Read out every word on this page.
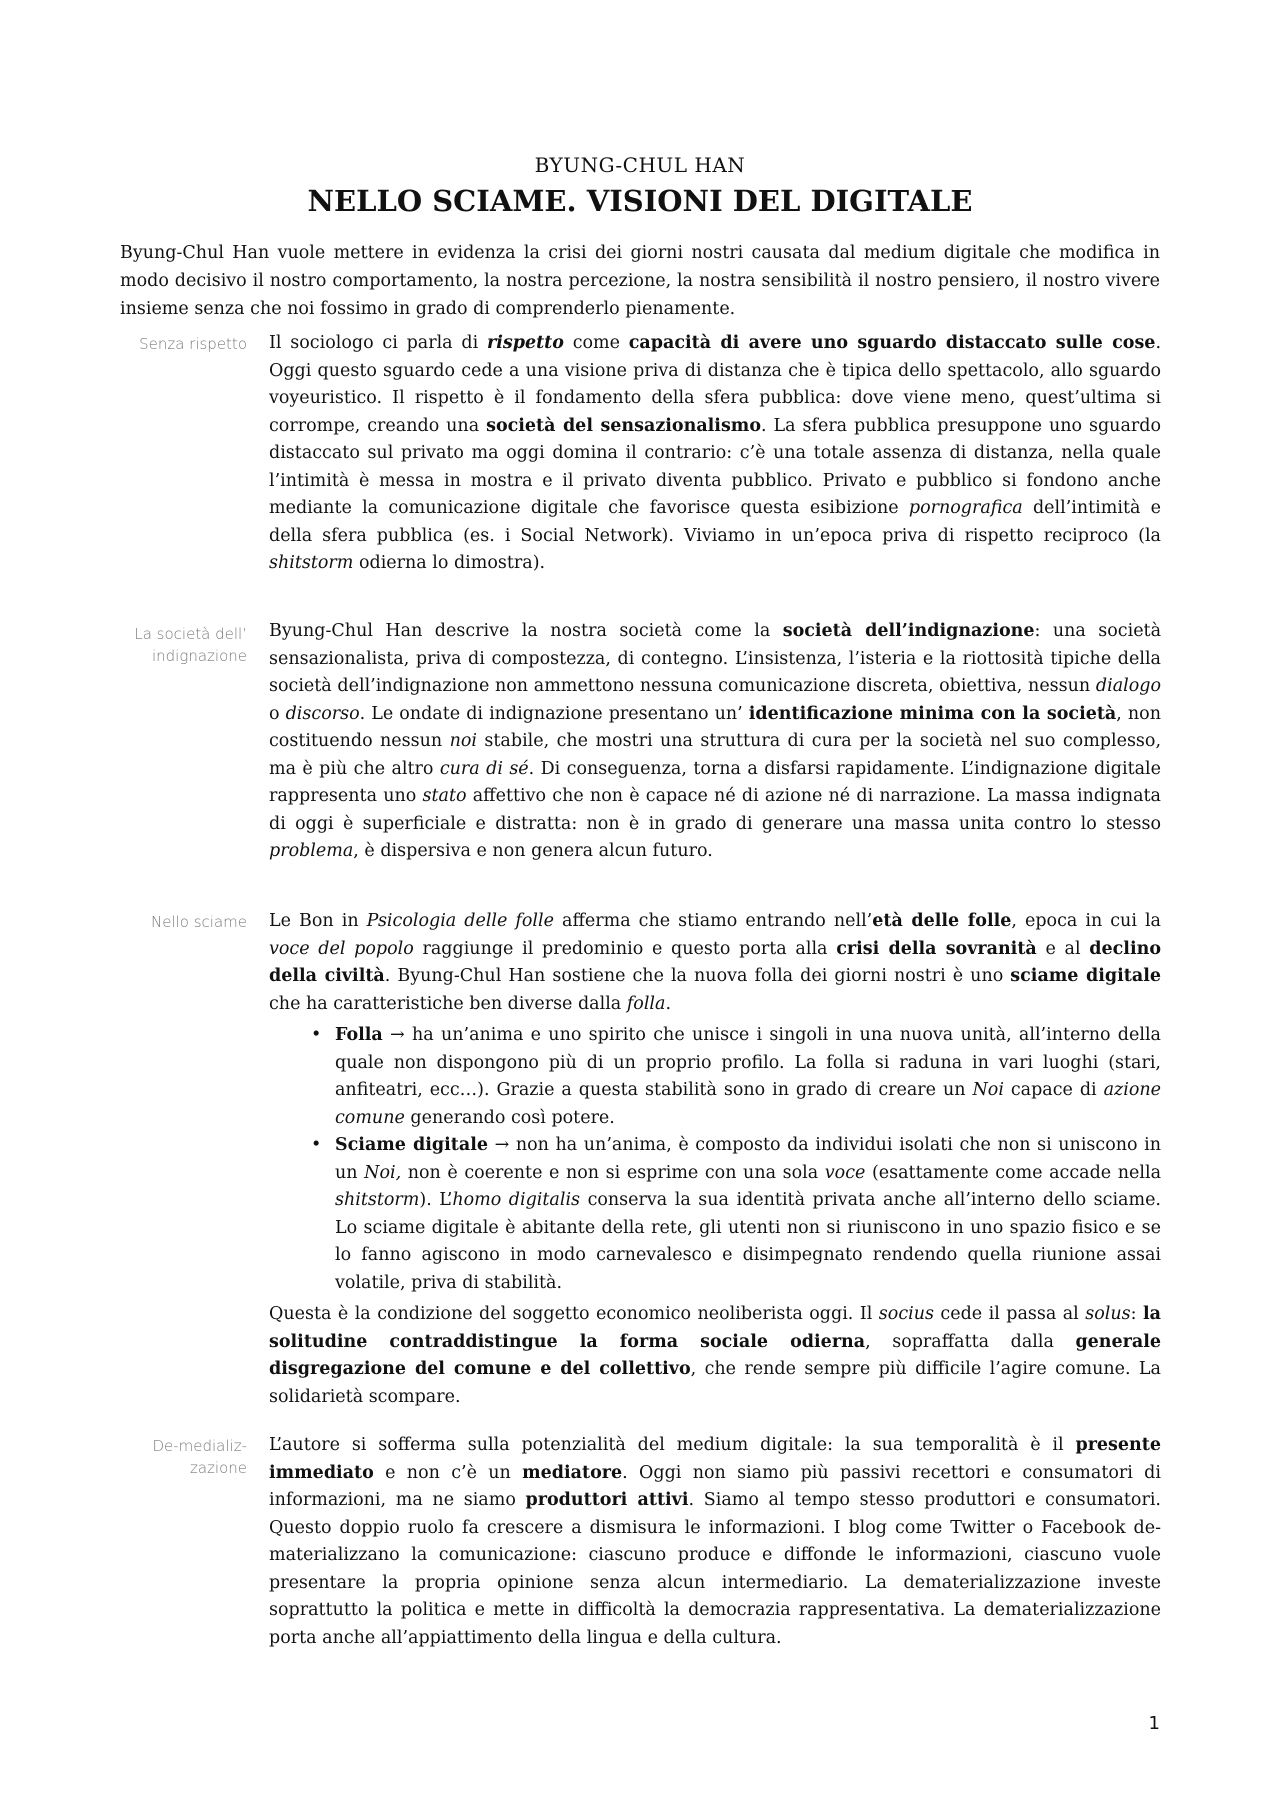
BYUNG-CHUL HAN
NELLO SCIAME. VISIONI DEL DIGITALE

Byung-Chul Han vuole mettere in evidenza la crisi dei giorni nostri causata dal medium digitale che modifica in modo decisivo il nostro comportamento, la nostra percezione, la nostra sensibilità il nostro pensiero, il nostro vivere insieme senza che noi fossimo in grado di comprenderlo pienamente.

Senza rispetto Il sociologo ci parla di rispetto come capacità di avere uno sguardo distaccato sulle cose. Oggi questo sguardo cede a una visione priva di distanza che è tipica dello spettacolo, allo sguardo voyeuristico. Il rispetto è il fondamento della sfera pubblica: dove viene meno, quest’ultima si corrompe, creando una società del sensazionalismo. La sfera pubblica presuppone uno sguardo distaccato sul privato ma oggi domina il contrario: c’è una totale assenza di distanza, nella quale l’intimità è messa in mostra e il privato diventa pubblico. Privato e pubblico si fondono anche mediante la comunicazione digitale che favorisce questa esibizione pornografica dell’intimità e della sfera pubblica (es. i Social Network). Viviamo in un’epoca priva di rispetto reciproco (la shitstorm odierna lo dimostra).

La società dell’
indignazione

Byung-Chul Han descrive la nostra società come la società dell’indignazione: una società sensazionalista, priva di compostezza, di contegno. L’insistenza, l’isteria e la riottosità tipiche della società dell’indignazione non ammettono nessuna comunicazione discreta, obiettiva, nessun dialogo o discorso. Le ondate di indignazione presentano un’ identificazione minima con la società, non costituendo nessun noi stabile, che mostri una struttura di cura per la società nel suo complesso, ma è più che altro cura di sé. Di conseguenza, torna a disfarsi rapidamente. L’indignazione digitale rappresenta uno stato affettivo che non è capace né di azione né di narrazione. La massa indignata di oggi è superficiale e distratta: non è in grado di generare una massa unita contro lo stesso problema, è dispersiva e non genera alcun futuro.

Nello sciame Le Bon in Psicologia delle folle afferma che stiamo entrando nell’età delle folle, epoca in cui la voce del popolo raggiunge il predominio e questo porta alla crisi della sovranità e al declino della civiltà. Byung-Chul Han sostiene che la nuova folla dei giorni nostri è uno sciame digitale che ha caratteristiche ben diverse dalla folla.

• Folla → ha un’anima e uno spirito che unisce i singoli in una nuova unità, all’interno della quale non dispongono più di un proprio profilo. La folla si raduna in vari luoghi (stari, anfiteatri, ecc…). Grazie a questa stabilità sono in grado di creare un Noi capace di azione comune generando così potere.
• Sciame digitale → non ha un’anima, è composto da individui isolati che non si uniscono in un Noi, non è coerente e non si esprime con una sola voce (esattamente come accade nella shitstorm). L’homo digitalis conserva la sua identità privata anche all’interno dello sciame. Lo sciame digitale è abitante della rete, gli utenti non si riuniscono in uno spazio fisico e se lo fanno agiscono in modo carnevalesco e disimpegnato rendendo quella riunione assai volatile, priva di stabilità.

Questa è la condizione del soggetto economico neoliberista oggi. Il socius cede il passa al solus: la solitudine contraddistingue la forma sociale odierna, sopraffatta dalla generale disgregazione del comune e del collettivo, che rende sempre più difficile l’agire comune. La solidarietà scompare.

De-medializ-
zazione

L’autore si sofferma sulla potenzialità del medium digitale: la sua temporalità è il presente immediato e non c’è un mediatore. Oggi non siamo più passivi recettori e consumatori di informazioni, ma ne siamo produttori attivi. Siamo al tempo stesso produttori e consumatori. Questo doppio ruolo fa crescere a dismisura le informazioni. I blog come Twitter o Facebook de-materializzano la comunicazione: ciascuno produce e diffonde le informazioni, ciascuno vuole presentare la propria opinione senza alcun intermediario. La dematerializzazione investe soprattutto la politica e mette in difficoltà la democrazia rappresentativa. La dematerializzazione porta anche all’appiattimento della lingua e della cultura.

1
